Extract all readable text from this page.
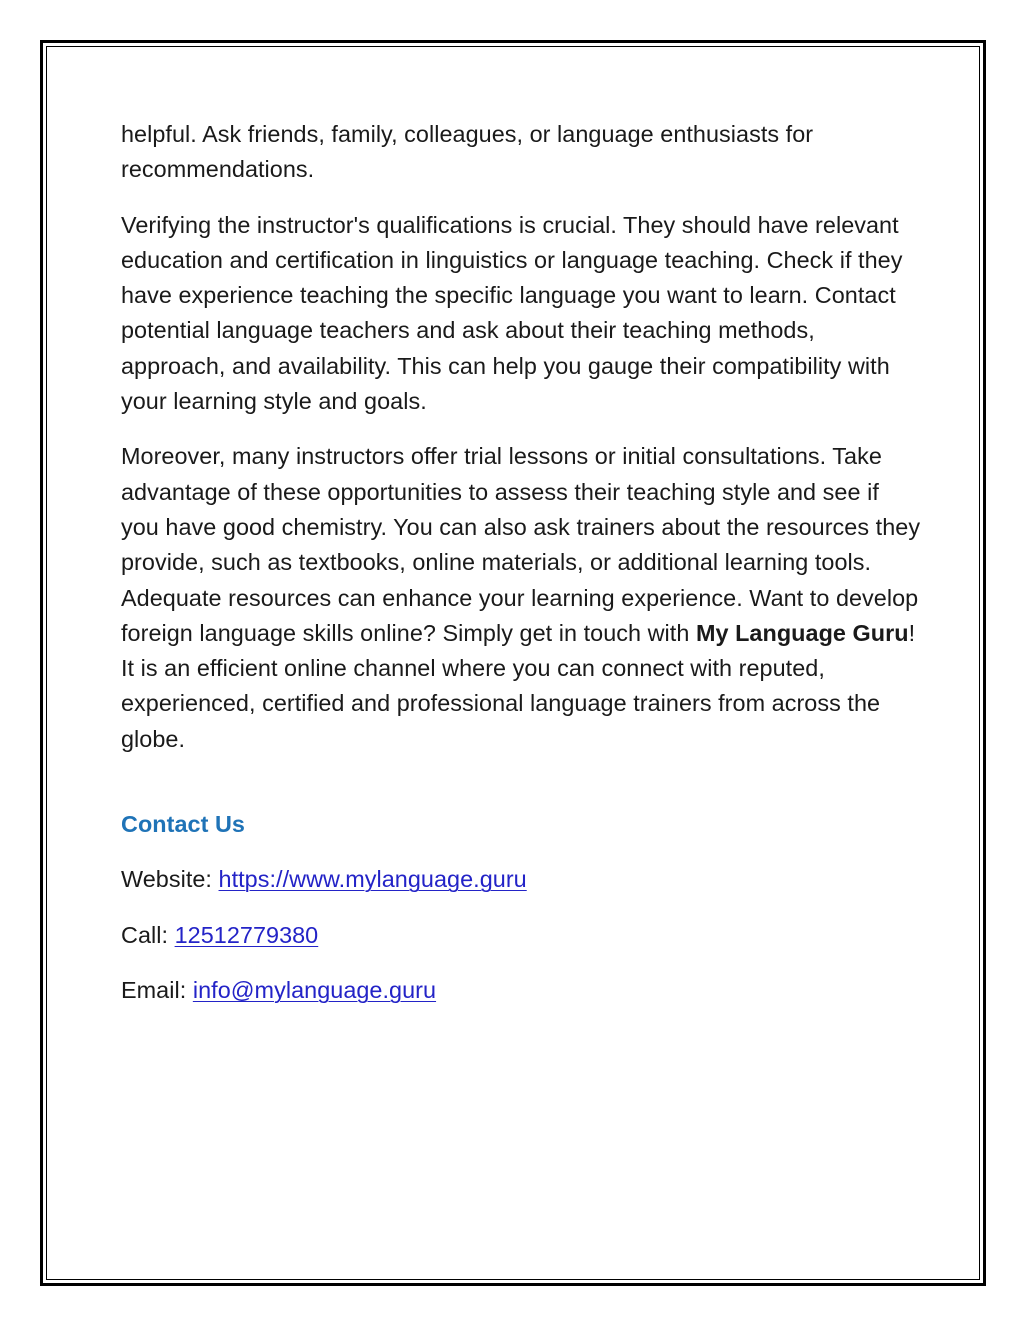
helpful. Ask friends, family, colleagues, or language enthusiasts for recommendations.

Verifying the instructor's qualifications is crucial. They should have relevant education and certification in linguistics or language teaching. Check if they have experience teaching the specific language you want to learn. Contact potential language teachers and ask about their teaching methods, approach, and availability. This can help you gauge their compatibility with your learning style and goals.

Moreover, many instructors offer trial lessons or initial consultations. Take advantage of these opportunities to assess their teaching style and see if you have good chemistry. You can also ask trainers about the resources they provide, such as textbooks, online materials, or additional learning tools. Adequate resources can enhance your learning experience. Want to develop foreign language skills online? Simply get in touch with My Language Guru! It is an efficient online channel where you can connect with reputed, experienced, certified and professional language trainers from across the globe.

Contact Us

Website: https://www.mylanguage.guru

Call: 12512779380

Email: info@mylanguage.guru
